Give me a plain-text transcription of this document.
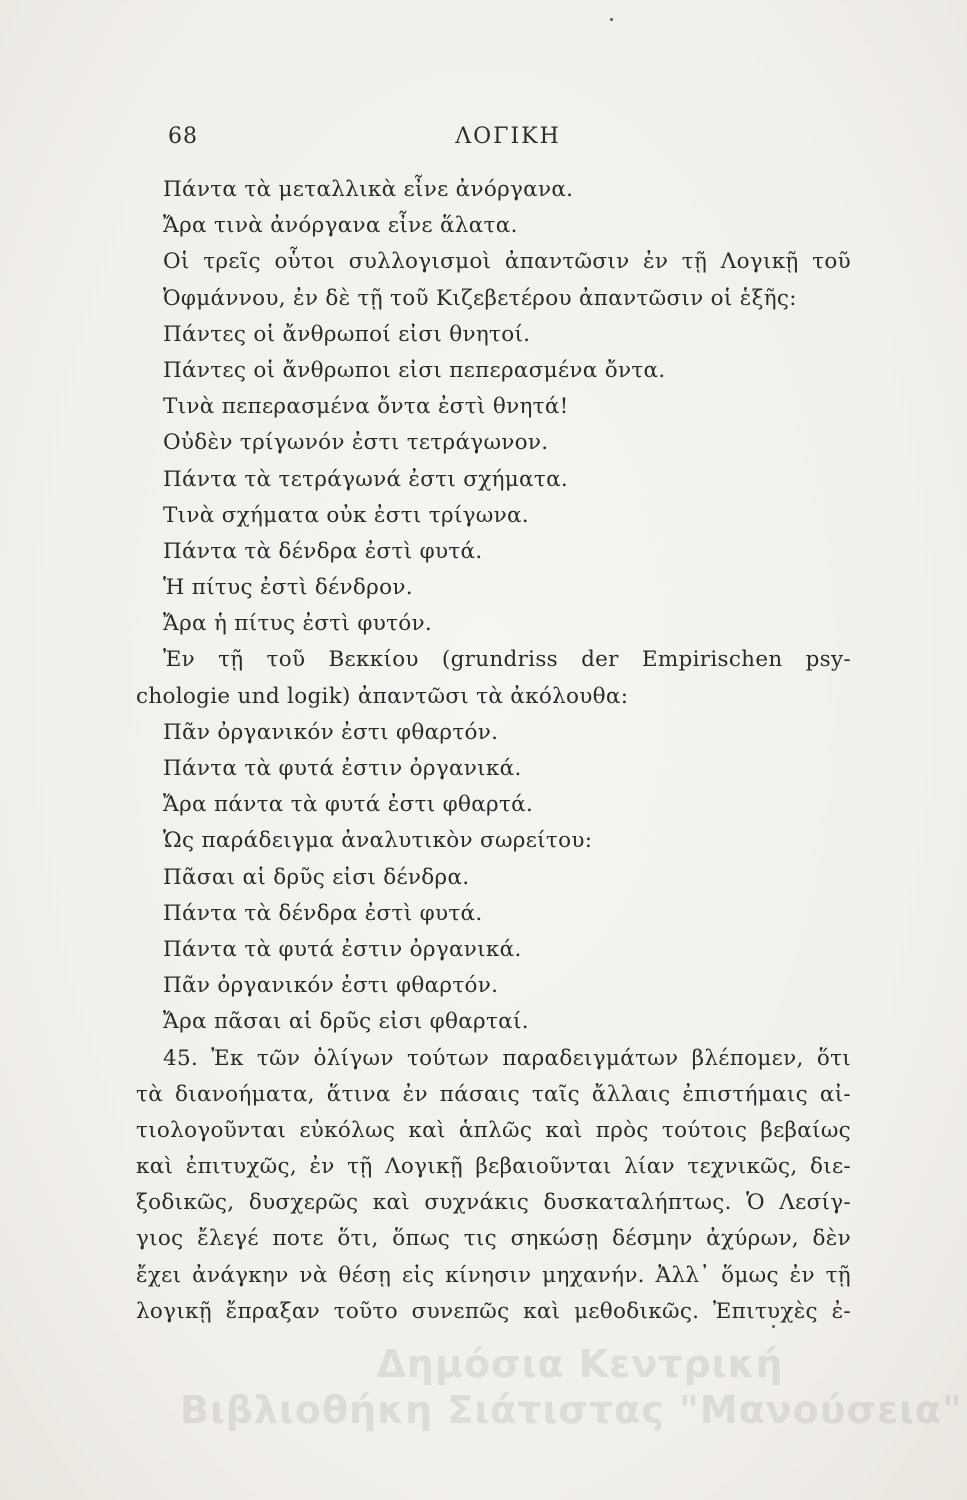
68	ΛΟΓΙΚΗ
Πάντα τὰ μεταλλικὰ εἶνε ἀνόργανα.
Ἄρα τινὰ ἀνόργανα εἶνε ἅλατα.
Οἱ τρεῖς οὗτοι συλλογισμοὶ ἀπαντῶσιν ἐν τῇ Λογικῇ τοῦ
Ὀφμάννου, ἐν δὲ τῇ τοῦ Κιζεβετέρου ἀπαντῶσιν οἱ ἑξῆς:
Πάντες οἱ ἄνθρωποί εἰσι θνητοί.
Πάντες οἱ ἄνθρωποι εἰσι πεπερασμένα ὄντα.
Τινὰ πεπερασμένα ὄντα ἐστὶ θνητά!
Οὐδὲν τρίγωνόν ἐστι τετράγωνον.
Πάντα τὰ τετράγωνά ἐστι σχήματα.
Τινὰ σχήματα οὐκ ἐστι τρίγωνα.
Πάντα τὰ δένδρα ἐστὶ φυτά.
Ἡ πίτυς ἐστὶ δένδρον.
Ἄρα ἡ πίτυς ἐστὶ φυτόν.
Ἐν τῇ τοῦ Βεκκίου (grundriss der Empirischen psy-
chologie und logik) ἀπαντῶσι τὰ ἀκόλουθα:
Πᾶν ὀργανικόν ἐστι φθαρτόν.
Πάντα τὰ φυτά ἐστιν ὀργανικά.
Ἄρα πάντα τὰ φυτά ἐστι φθαρτά.
Ὡς παράδειγμα ἀναλυτικὸν σωρείτου:
Πᾶσαι αἱ δρῦς εἰσι δένδρα.
Πάντα τὰ δένδρα ἐστὶ φυτά.
Πάντα τὰ φυτά ἐστιν ὀργανικά.
Πᾶν ὀργανικόν ἐστι φθαρτόν.
Ἄρα πᾶσαι αἱ δρῦς εἰσι φθαρταί.
45. Ἐκ τῶν ὀλίγων τούτων παραδειγμάτων βλέπομεν, ὅτι
τὰ διανοήματα, ἅτινα ἐν πάσαις ταῖς ἄλλαις ἐπιστήμαις αἰ-
τιολογοῦνται εὐκόλως καὶ ἁπλῶς καὶ πρὸς τούτοις βεβαίως
καὶ ἐπιτυχῶς, ἐν τῇ Λογικῇ βεβαιοῦνται λίαν τεχνικῶς, διε-
ξοδικῶς, δυσχερῶς καὶ συχνάκις δυσκαταλήπτως. Ὁ Λεσίγ-
γιος ἔλεγέ ποτε ὅτι, ὅπως τις σηκώσῃ δέσμην ἀχύρων, δὲν
ἔχει ἀνάγκην νὰ θέσῃ εἰς κίνησιν μηχανήν. Ἀλλ᾽ ὅμως ἐν τῇ
λογικῇ ἔπραξαν τοῦτο συνεπῶς καὶ μεθοδικῶς. Ἐπιτυχὲς ἐ-
Δημόσια Κεντρική
Βιβλιοθήκη Σιάτιστας "Μανούσεια"
